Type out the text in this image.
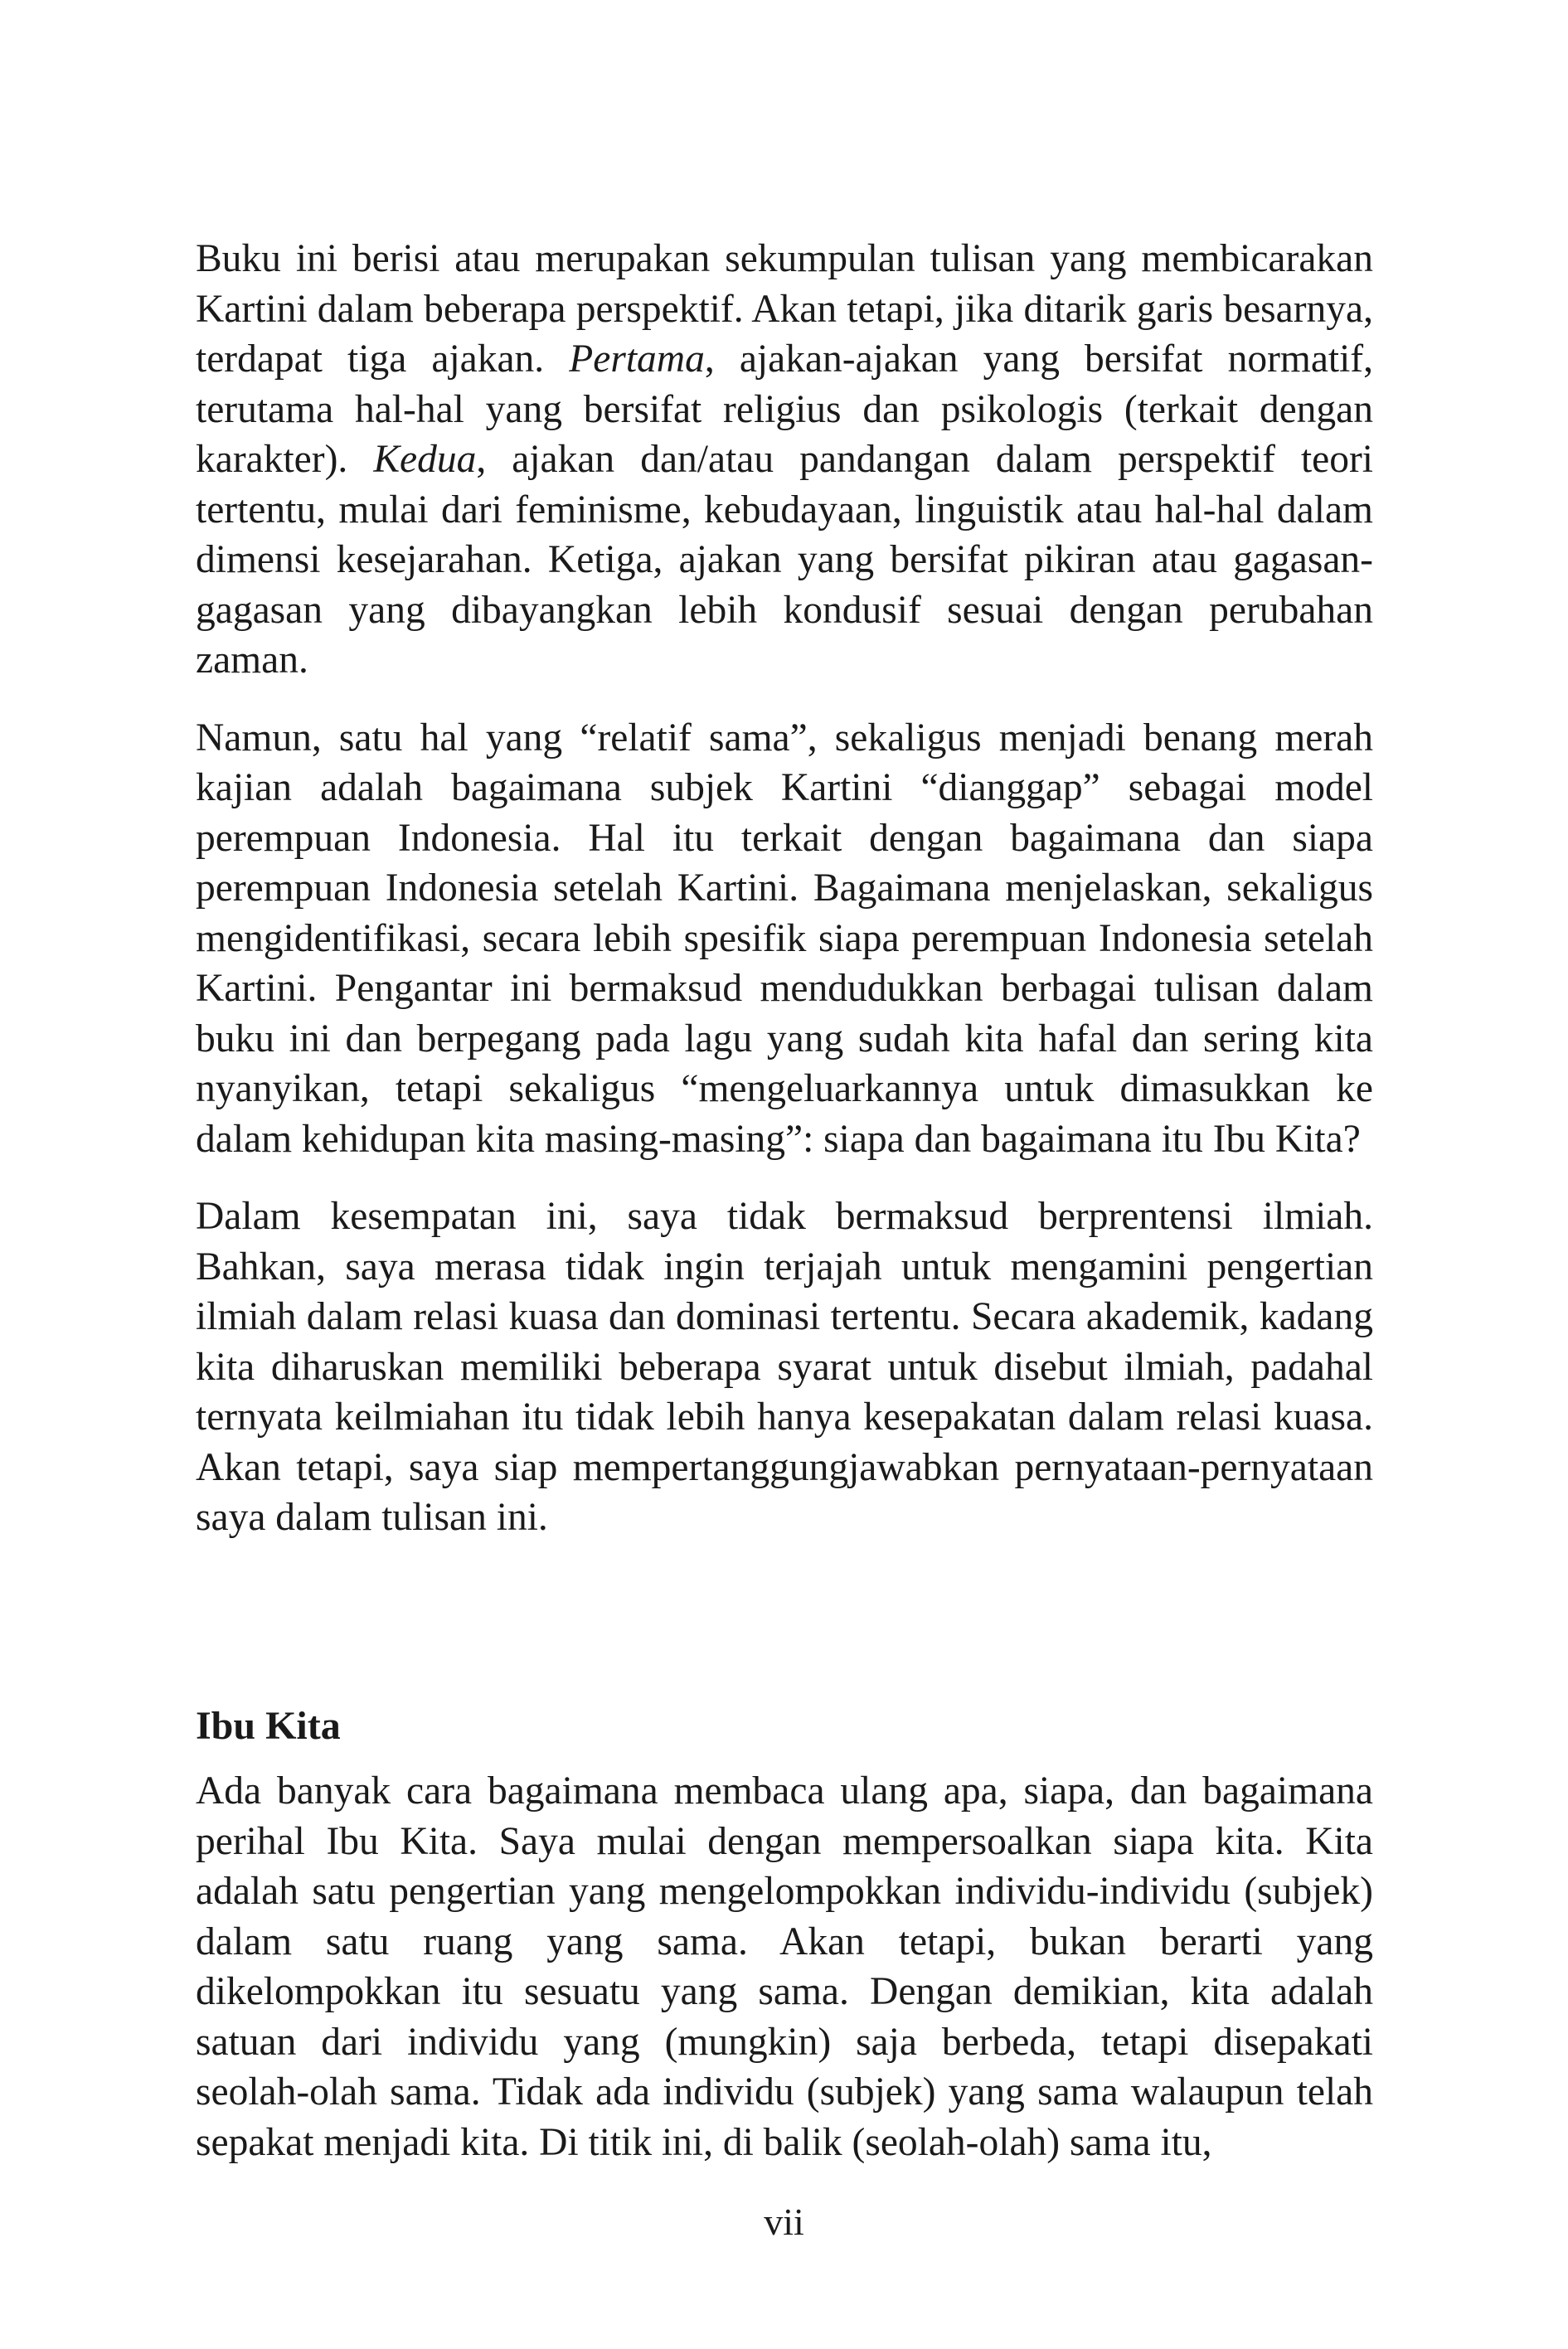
Buku ini berisi atau merupakan sekumpulan tulisan yang membicarakan Kartini dalam beberapa perspektif. Akan tetapi, jika ditarik garis besarnya, terdapat tiga ajakan. Pertama, ajakan-ajakan yang bersifat normatif, terutama hal-hal yang bersifat religius dan psikologis (terkait dengan karakter). Kedua, ajakan dan/atau pandangan dalam perspektif teori tertentu, mulai dari feminisme, kebudayaan, linguistik atau hal-hal dalam dimensi kesejarahan. Ketiga, ajakan yang bersifat pikiran atau gagasan-gagasan yang dibayangkan lebih kondusif sesuai dengan perubahan zaman.

Namun, satu hal yang “relatif sama”, sekaligus menjadi benang merah kajian adalah bagaimana subjek Kartini “dianggap” sebagai model perempuan Indonesia. Hal itu terkait dengan bagaimana dan siapa perempuan Indonesia setelah Kartini. Bagaimana menjelaskan, sekaligus mengidentifikasi, secara lebih spesifik siapa perempuan Indonesia setelah Kartini. Pengantar ini bermaksud mendudukkan berbagai tulisan dalam buku ini dan berpegang pada lagu yang sudah kita hafal dan sering kita nyanyikan, tetapi sekaligus “mengeluarkannya untuk dimasukkan ke dalam kehidupan kita masing-masing”: siapa dan bagaimana itu Ibu Kita?

Dalam kesempatan ini, saya tidak bermaksud berprentensi ilmiah. Bahkan, saya merasa tidak ingin terjajah untuk mengamini pengertian ilmiah dalam relasi kuasa dan dominasi tertentu. Secara akademik, kadang kita diharuskan memiliki beberapa syarat untuk disebut ilmiah, padahal ternyata keilmiahan itu tidak lebih hanya kesepakatan dalam relasi kuasa. Akan tetapi, saya siap mempertanggungjawabkan pernyataan-pernyataan saya dalam tulisan ini.

Ibu Kita

Ada banyak cara bagaimana membaca ulang apa, siapa, dan bagaimana perihal Ibu Kita. Saya mulai dengan mempersoalkan siapa kita. Kita adalah satu pengertian yang mengelompokkan individu-individu (subjek) dalam satu ruang yang sama. Akan tetapi, bukan berarti yang dikelompokkan itu sesuatu yang sama. Dengan demikian, kita adalah satuan dari individu yang (mungkin) saja berbeda, tetapi disepakati seolah-olah sama. Tidak ada individu (subjek) yang sama walaupun telah sepakat menjadi kita. Di titik ini, di balik (seolah-olah) sama itu,

vii
